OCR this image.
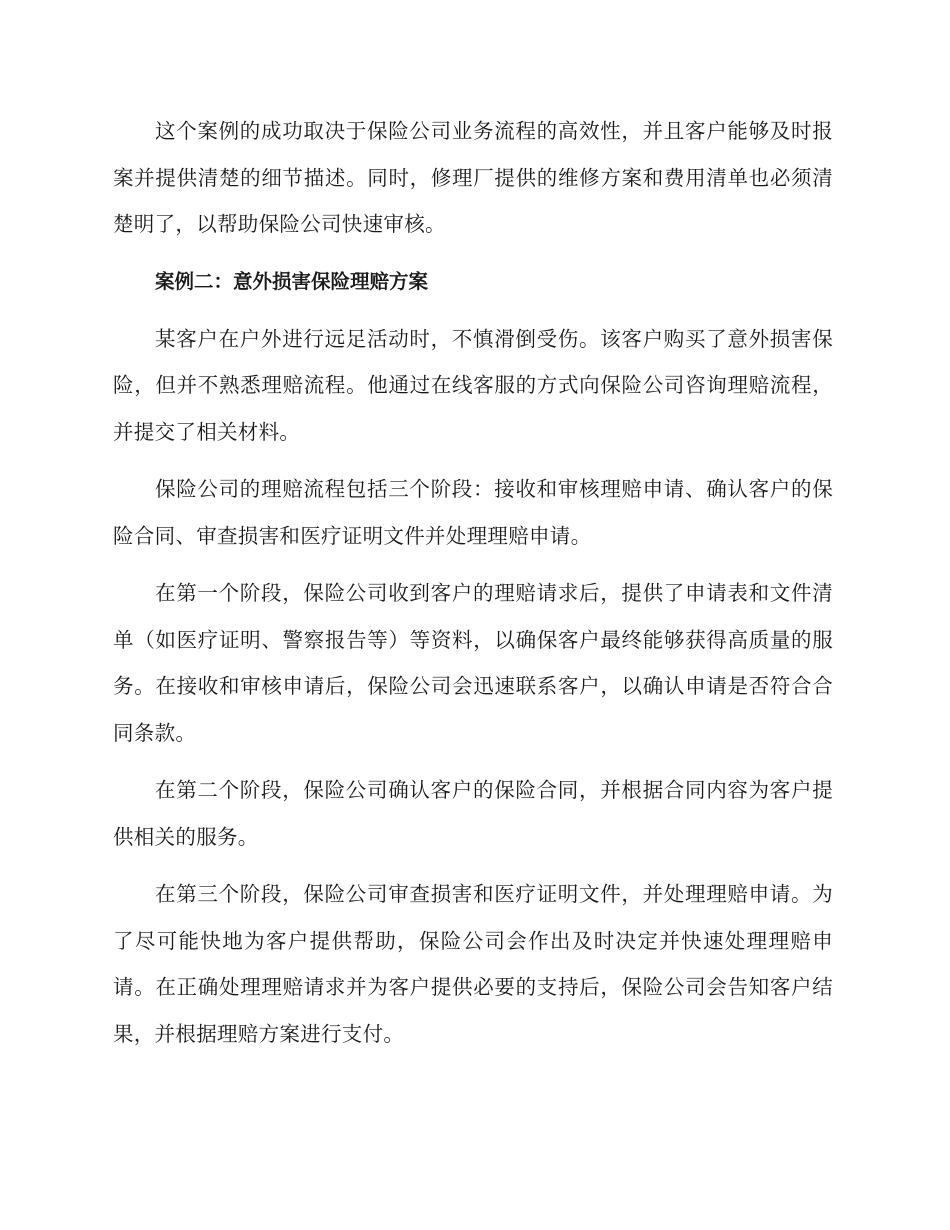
这个案例的成功取决于保险公司业务流程的高效性，并且客户能够及时报案并提供清楚的细节描述。同时，修理厂提供的维修方案和费用清单也必须清楚明了，以帮助保险公司快速审核。

案例二：意外损害保险理赔方案

某客户在户外进行远足活动时，不慎滑倒受伤。该客户购买了意外损害保险，但并不熟悉理赔流程。他通过在线客服的方式向保险公司咨询理赔流程，并提交了相关材料。

保险公司的理赔流程包括三个阶段：接收和审核理赔申请、确认客户的保险合同、审查损害和医疗证明文件并处理理赔申请。

在第一个阶段，保险公司收到客户的理赔请求后，提供了申请表和文件清单（如医疗证明、警察报告等）等资料，以确保客户最终能够获得高质量的服务。在接收和审核申请后，保险公司会迅速联系客户，以确认申请是否符合合同条款。

在第二个阶段，保险公司确认客户的保险合同，并根据合同内容为客户提供相关的服务。

在第三个阶段，保险公司审查损害和医疗证明文件，并处理理赔申请。为了尽可能快地为客户提供帮助，保险公司会作出及时决定并快速处理理赔申请。在正确处理理赔请求并为客户提供必要的支持后，保险公司会告知客户结果，并根据理赔方案进行支付。
